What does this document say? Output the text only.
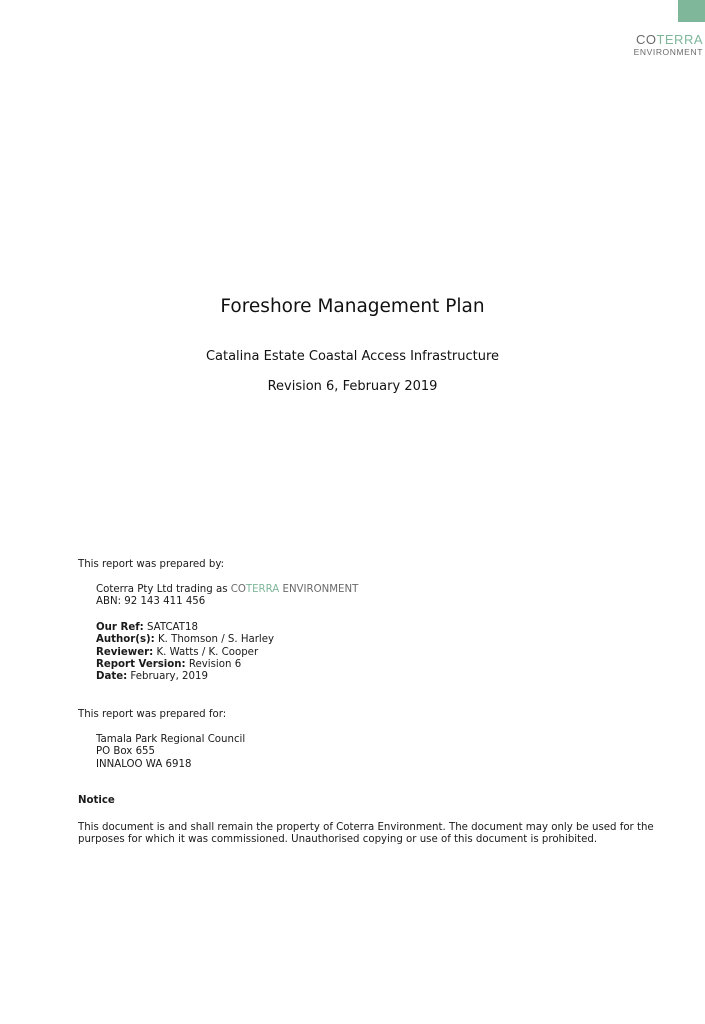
COTERRA
ENVIRONMENT
Foreshore Management Plan
Catalina Estate Coastal Access Infrastructure
Revision 6, February 2019
This report was prepared by:
Coterra Pty Ltd trading as COTERRA ENVIRONMENT
ABN: 92 143 411 456
Our Ref: SATCAT18
Author(s): K. Thomson / S. Harley
Reviewer: K. Watts / K. Cooper
Report Version: Revision 6
Date: February, 2019
This report was prepared for:
Tamala Park Regional Council
PO Box 655
INNALOO WA 6918
Notice
This document is and shall remain the property of Coterra Environment. The document may only be used for the
purposes for which it was commissioned. Unauthorised copying or use of this document is prohibited.
